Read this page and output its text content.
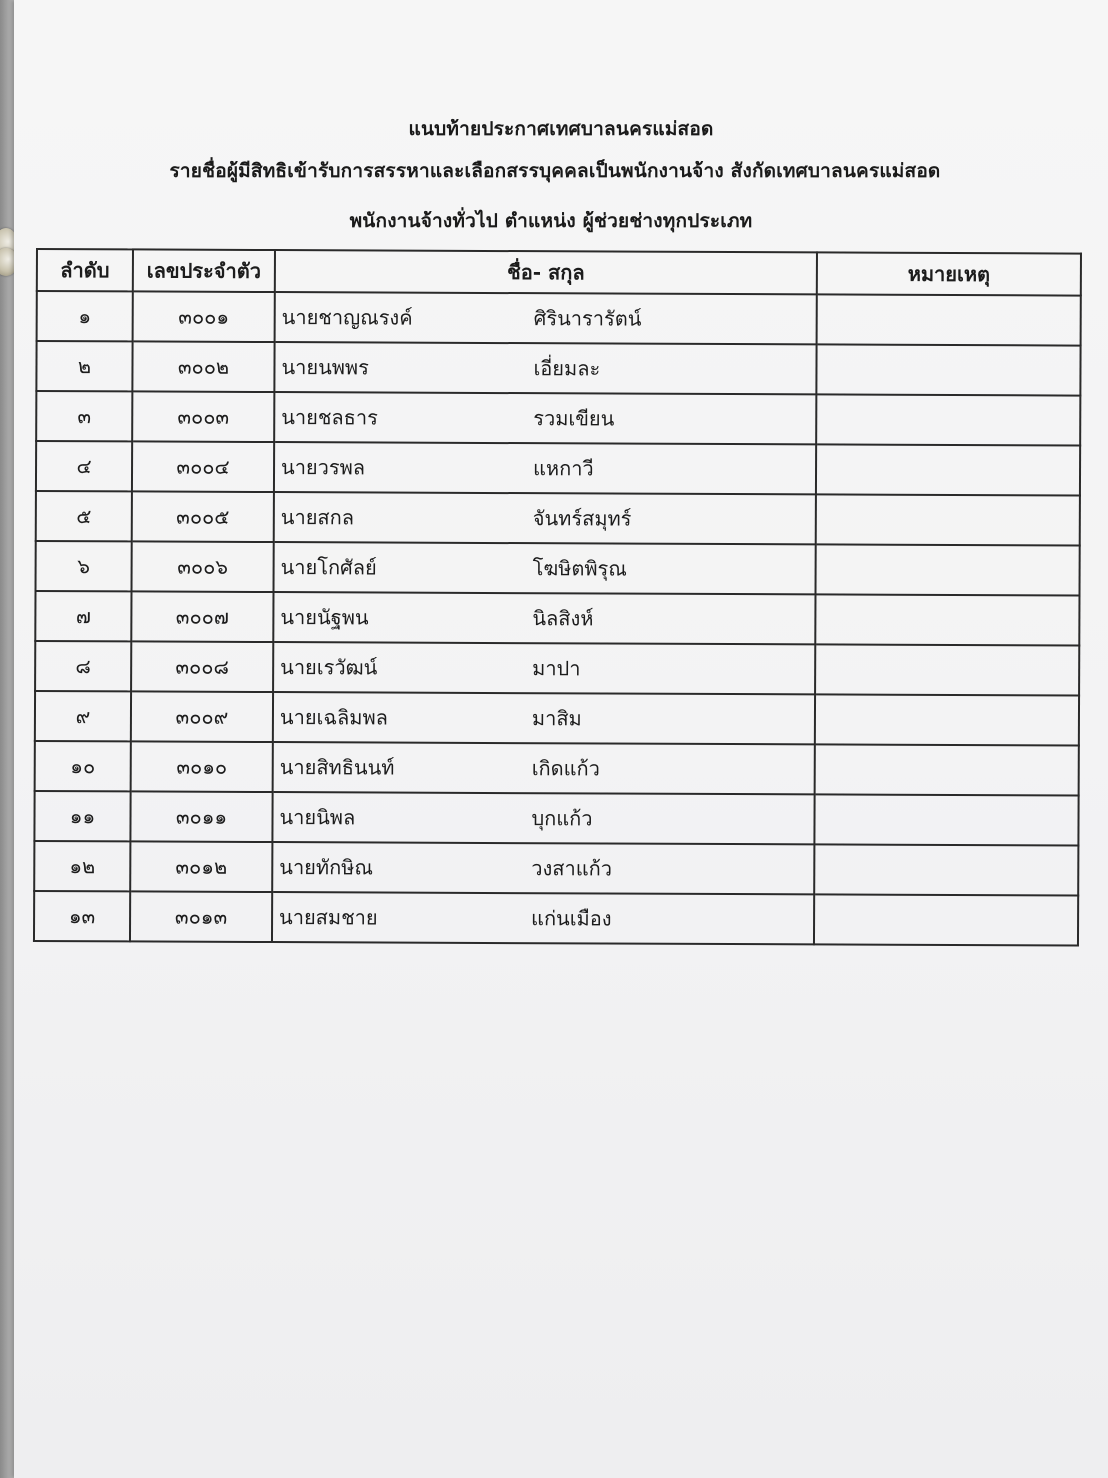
แนบท้ายประกาศเทศบาลนครแม่สอด
รายชื่อผู้มีสิทธิเข้ารับการสรรหาและเลือกสรรบุคคลเป็นพนักงานจ้าง สังกัดเทศบาลนครแม่สอด
พนักงานจ้างทั่วไป ตำแหน่ง ผู้ช่วยช่างทุกประเภท
ลำดับ	เลขประจำตัว	ชื่อ- สกุล	หมายเหตุ
๑	๓๐๐๑	นายชาญณรงค์ ศิรินารารัตน์	
๒	๓๐๐๒	นายนพพร เอี่ยมละ	
๓	๓๐๐๓	นายชลธาร รวมเขียน	
๔	๓๐๐๔	นายวรพล แหกาวี	
๕	๓๐๐๕	นายสกล จันทร์สมุทร์	
๖	๓๐๐๖	นายโกศัลย์ โฆษิตพิรุณ	
๗	๓๐๐๗	นายนัฐพน นิลสิงห์	
๘	๓๐๐๘	นายเรวัฒน์ มาปา	
๙	๓๐๐๙	นายเฉลิมพล มาสิม	
๑๐	๓๐๑๐	นายสิทธินนท์ เกิดแก้ว	
๑๑	๓๐๑๑	นายนิพล บุกแก้ว	
๑๒	๓๐๑๒	นายทักษิณ วงสาแก้ว	
๑๓	๓๐๑๓	นายสมชาย แก่นเมือง	
